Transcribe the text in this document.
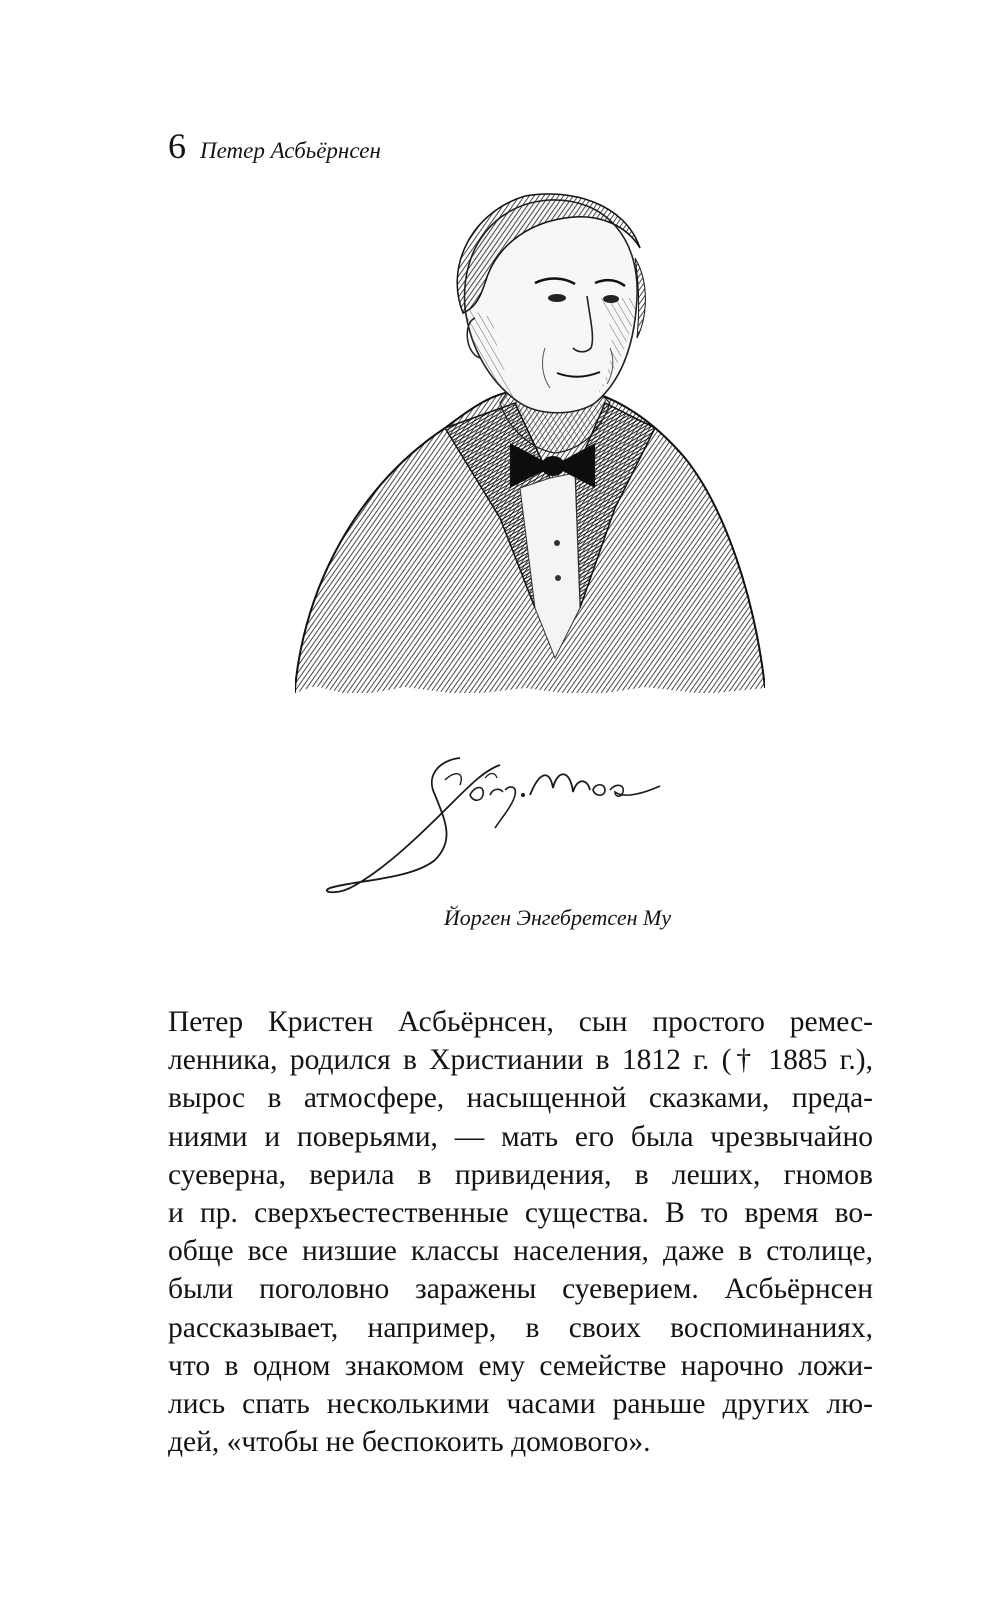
6 Петер Асбьёрнсен
Йорген Энгебретсен Му
Петер Кристен Асбьёрнсен, сын простого ремес-
ленника, родился в Христиании в 1812 г. († 1885 г.),
вырос в атмосфере, насыщенной сказками, преда-
ниями и поверьями, — мать его была чрезвычайно
суеверна, верила в привидения, в леших, гномов
и пр. сверхъестественные существа. В то время во-
обще все низшие классы населения, даже в столице,
были поголовно заражены суеверием. Асбьёрнсен
рассказывает, например, в своих воспоминаниях,
что в одном знакомом ему семействе нарочно ложи-
лись спать несколькими часами раньше других лю-
дей, «чтобы не беспокоить домового».
